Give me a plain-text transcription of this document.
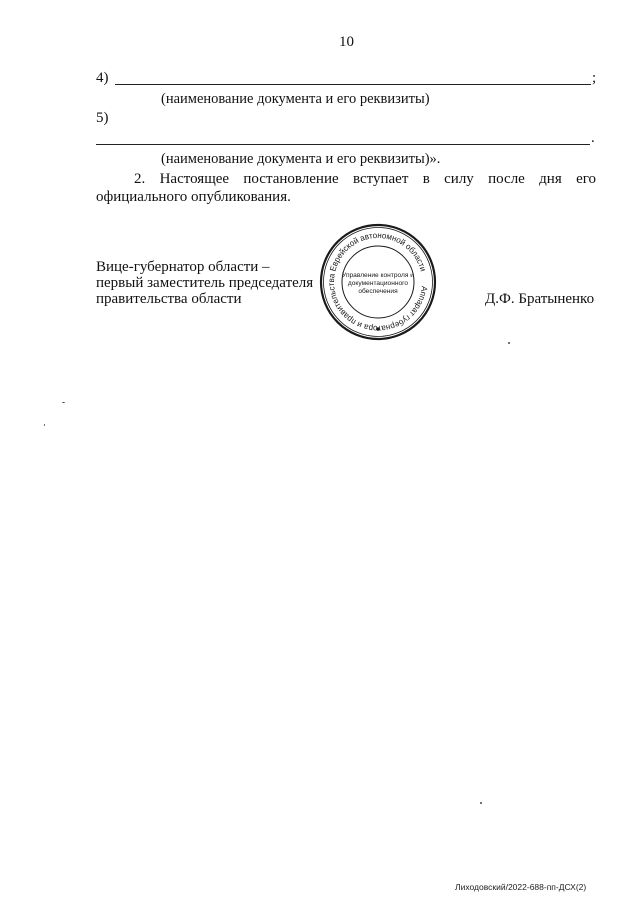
10
4)	;
(наименование документа и его реквизиты)
5)
.
(наименование документа и его реквизиты)».
2. Настоящее постановление вступает в силу после дня его
официального опубликования.
Вице-губернатор области –
первый заместитель председателя
правительства области	Д.Ф. Братыненко
Аппарат губернатора и правительства Еврейской автономной области
Управление контроля и
документационного
обеспечения
Лиходовский/2022-688-пп-ДСХ(2)
